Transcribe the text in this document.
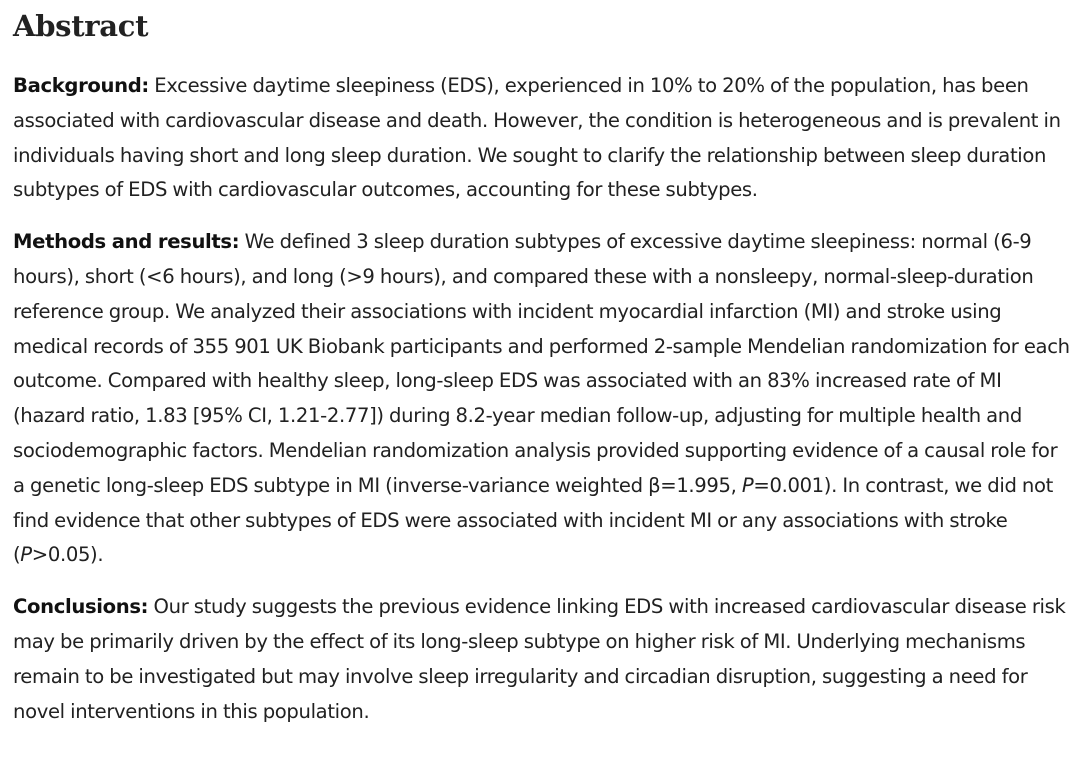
Abstract

Background: Excessive daytime sleepiness (EDS), experienced in 10% to 20% of the population, has been associated with cardiovascular disease and death. However, the condition is heterogeneous and is prevalent in individuals having short and long sleep duration. We sought to clarify the relationship between sleep duration subtypes of EDS with cardiovascular outcomes, accounting for these subtypes.

Methods and results: We defined 3 sleep duration subtypes of excessive daytime sleepiness: normal (6-9 hours), short (<6 hours), and long (>9 hours), and compared these with a nonsleepy, normal-sleep-duration reference group. We analyzed their associations with incident myocardial infarction (MI) and stroke using medical records of 355 901 UK Biobank participants and performed 2-sample Mendelian randomization for each outcome. Compared with healthy sleep, long-sleep EDS was associated with an 83% increased rate of MI (hazard ratio, 1.83 [95% CI, 1.21-2.77]) during 8.2-year median follow-up, adjusting for multiple health and sociodemographic factors. Mendelian randomization analysis provided supporting evidence of a causal role for a genetic long-sleep EDS subtype in MI (inverse-variance weighted β=1.995, P=0.001). In contrast, we did not find evidence that other subtypes of EDS were associated with incident MI or any associations with stroke (P>0.05).

Conclusions: Our study suggests the previous evidence linking EDS with increased cardiovascular disease risk may be primarily driven by the effect of its long-sleep subtype on higher risk of MI. Underlying mechanisms remain to be investigated but may involve sleep irregularity and circadian disruption, suggesting a need for novel interventions in this population.
